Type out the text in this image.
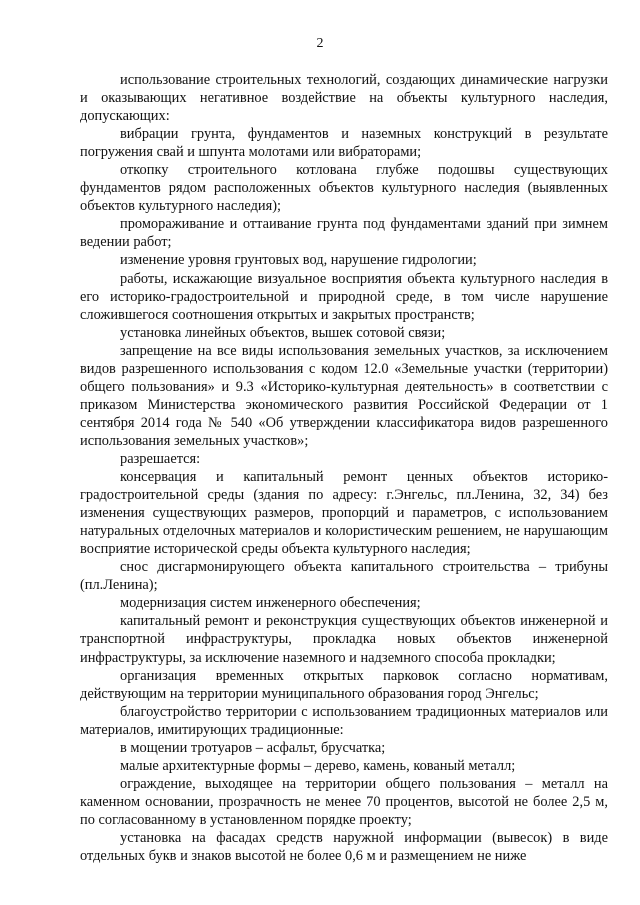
2

использование строительных технологий, создающих динамические нагрузки и оказывающих негативное воздействие на объекты культурного наследия, допускающих:

вибрации грунта, фундаментов и наземных конструкций в результате погружения свай и шпунта молотами или вибраторами;

откопку строительного котлована глубже подошвы существующих фундаментов рядом расположенных объектов культурного наследия (выявленных объектов культурного наследия);

промораживание и оттаивание грунта под фундаментами зданий при зимнем ведении работ;

изменение уровня грунтовых вод, нарушение гидрологии;

работы, искажающие визуальное восприятия объекта культурного наследия в его историко-градостроительной и природной среде, в том числе нарушение сложившегося соотношения открытых и закрытых пространств;

установка линейных объектов, вышек сотовой связи;

запрещение на все виды использования земельных участков, за исключением видов разрешенного использования с кодом 12.0 «Земельные участки (территории) общего пользования» и 9.3 «Историко-культурная деятельность» в соответствии с приказом Министерства экономического развития Российской Федерации от 1 сентября 2014 года № 540 «Об утверждении классификатора видов разрешенного использования земельных участков»;

разрешается:

консервация и капитальный ремонт ценных объектов историко-градостроительной среды (здания по адресу: г.Энгельс, пл.Ленина, 32, 34) без изменения существующих размеров, пропорций и параметров, с использованием натуральных отделочных материалов и колористическим решением, не нарушающим восприятие исторической среды объекта культурного наследия;

снос дисгармонирующего объекта капитального строительства – трибуны (пл.Ленина);

модернизация систем инженерного обеспечения;

капитальный ремонт и реконструкция существующих объектов инженерной и транспортной инфраструктуры, прокладка новых объектов инженерной инфраструктуры, за исключение наземного и надземного способа прокладки;

организация временных открытых парковок согласно нормативам, действующим на территории муниципального образования город Энгельс;

благоустройство территории с использованием традиционных материалов или материалов, имитирующих традиционные:

в мощении тротуаров – асфальт, брусчатка;

малые архитектурные формы – дерево, камень, кованый металл;

ограждение, выходящее на территории общего пользования – металл на каменном основании, прозрачность не менее 70 процентов, высотой не более 2,5 м, по согласованному в установленном порядке проекту;

установка на фасадах средств наружной информации (вывесок) в виде отдельных букв и знаков высотой не более 0,6 м и размещением не ниже
